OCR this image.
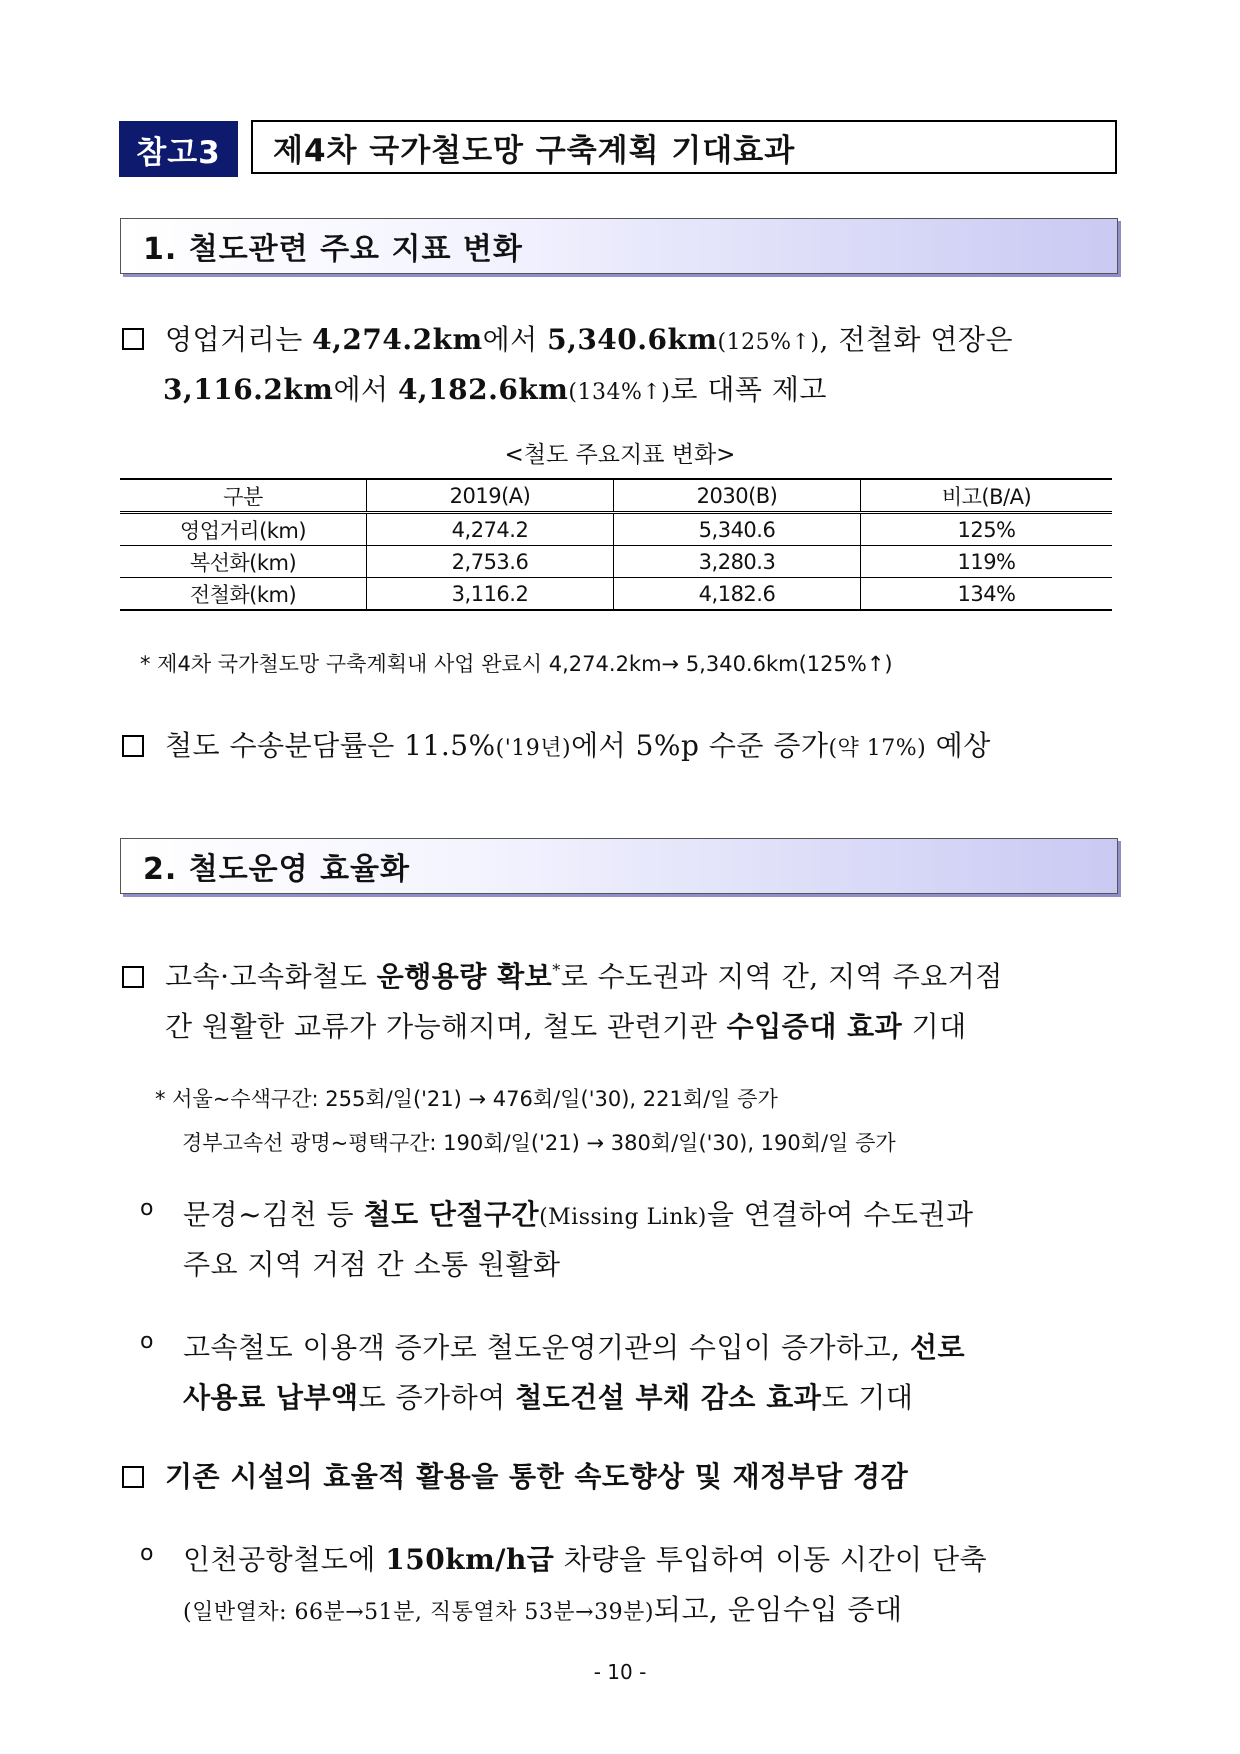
참고3	제4차 국가철도망 구축계획 기대효과
1. 철도관련 주요 지표 변화
영업거리는 4,274.2km에서 5,340.6km(125%↑), 전철화 연장은
3,116.2km에서 4,182.6km(134%↑)로 대폭 제고
<철도 주요지표 변화>
구분	2019(A)	2030(B)	비고(B/A)
영업거리(km)	4,274.2	5,340.6	125%
복선화(km)	2,753.6	3,280.3	119%
전철화(km)	3,116.2	4,182.6	134%
* 제4차 국가철도망 구축계획내 사업 완료시 4,274.2km→ 5,340.6km(125%↑)
철도 수송분담률은 11.5%('19년)에서 5%p 수준 증가(약 17%) 예상
2. 철도운영 효율화
고속·고속화철도 운행용량 확보*로 수도권과 지역 간, 지역 주요거점
간 원활한 교류가 가능해지며, 철도 관련기관 수입증대 효과 기대
* 서울~수색구간: 255회/일('21) → 476회/일('30), 221회/일 증가
경부고속선 광명~평택구간: 190회/일('21) → 380회/일('30), 190회/일 증가
o 문경~김천 등 철도 단절구간(Missing Link)을 연결하여 수도권과
주요 지역 거점 간 소통 원활화
o 고속철도 이용객 증가로 철도운영기관의 수입이 증가하고, 선로
사용료 납부액도 증가하여 철도건설 부채 감소 효과도 기대
기존 시설의 효율적 활용을 통한 속도향상 및 재정부담 경감
o 인천공항철도에 150km/h급 차량을 투입하여 이동 시간이 단축
(일반열차: 66분→51분, 직통열차 53분→39분)되고, 운임수입 증대
- 10 -
